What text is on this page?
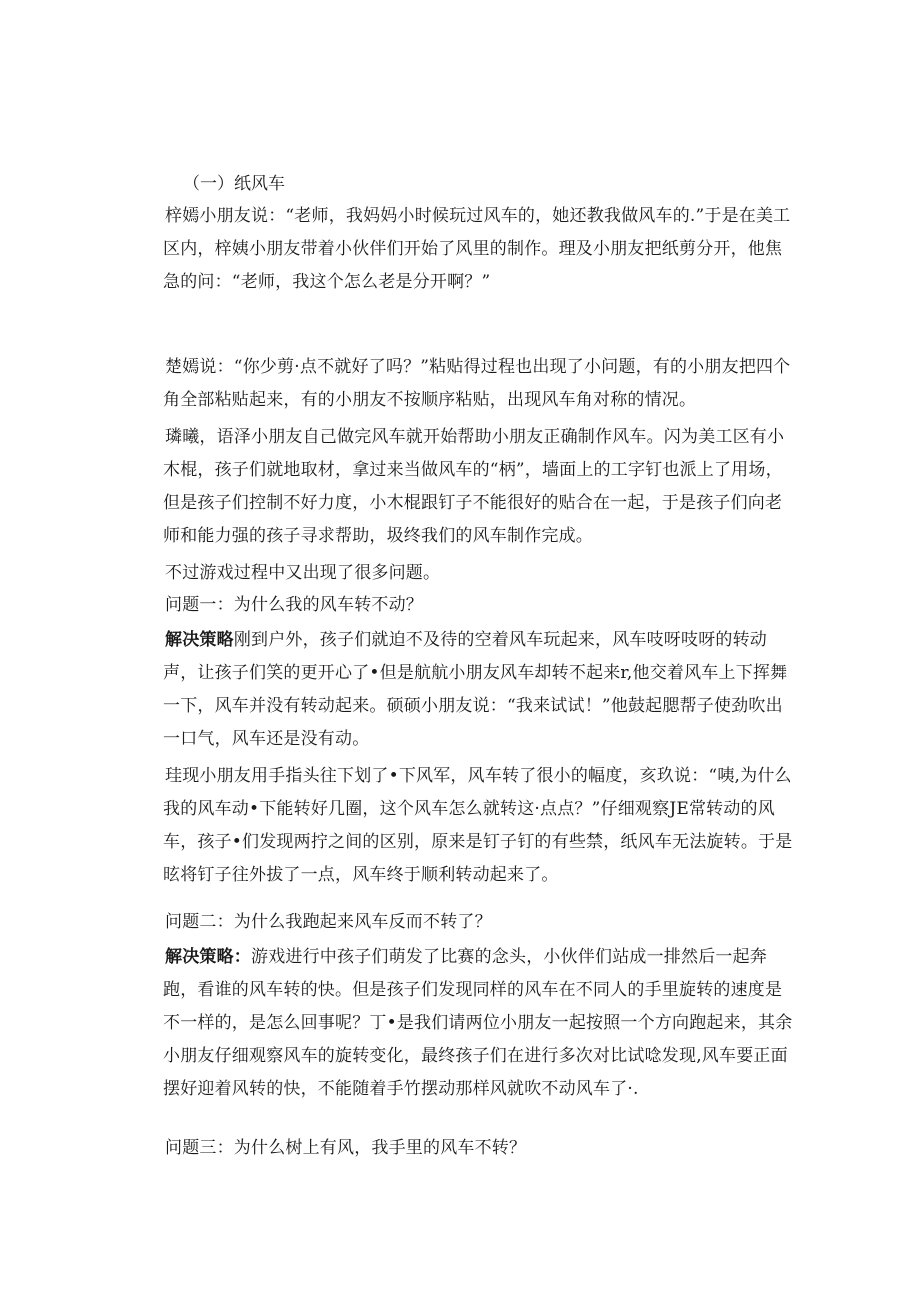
（一）纸风车
梓嫣小朋友说：“老师，我妈妈小时候玩过风车的，她还教我做风车的.”于是在美工区内，梓姨小朋友带着小伙伴们开始了风里的制作。理及小朋友把纸剪分开，他焦急的问：“老师，我这个怎么老是分开啊？”
楚嫣说：“你少剪·点不就好了吗？”粘贴得过程也出现了小问题，有的小朋友把四个角全部粘贴起来，有的小朋友不按顺序粘贴，出现风车角对称的情况。
璘曦，语泽小朋友自己做完风车就开始帮助小朋友正确制作风车。闪为美工区有小木棍，孩子们就地取材，拿过来当做风车的“柄”，墙面上的工字钉也派上了用场，但是孩子们控制不好力度，小木棍跟钉子不能很好的贴合在一起，于是孩子们向老师和能力强的孩子寻求帮助，圾终我们的风车制作完成。
不过游戏过程中又出现了很多问题。
问题一：为什么我的风车转不动？
解决策略刚到户外，孩子们就迫不及待的空着风车玩起来，风车吱呀吱呀的转动声，让孩子们笑的更开心了•但是航航小朋友风车却转不起来r,他交着风车上下挥舞一下，风车并没有转动起来。硕硕小朋友说：“我来试试！”他鼓起腮帮子使劲吹出一口气，风车还是没有动。
珪现小朋友用手指头往下划了•下风军，风车转了很小的幅度，亥玖说：“咦,为什么我的风车动•下能转好几圈，这个风车怎么就转这·点点？”仔细观察JE常转动的风车，孩子•们发现两拧之间的区别，原来是钉子钉的有些禁，纸风车无法旋转。于是昡将钉子往外拔了一点，风车终于顺利转动起来了。
问题二：为什么我跑起来风车反而不转了？
解决策略：游戏进行中孩子们萌发了比赛的念头，小伙伴们站成一排然后一起奔跑，看谁的风车转的快。但是孩子们发现同样的风车在不同人的手里旋转的速度是不一样的，是怎么回事呢？丁•是我们请两位小朋友一起按照一个方向跑起来，其余小朋友仔细观察风车的旋转变化，最终孩子们在进行多次对比试唸发现,风车要正面摆好迎着风转的快，不能随着手竹摆动那样风就吹不动风车了·.
问题三：为什么树上有风，我手里的风车不转？
